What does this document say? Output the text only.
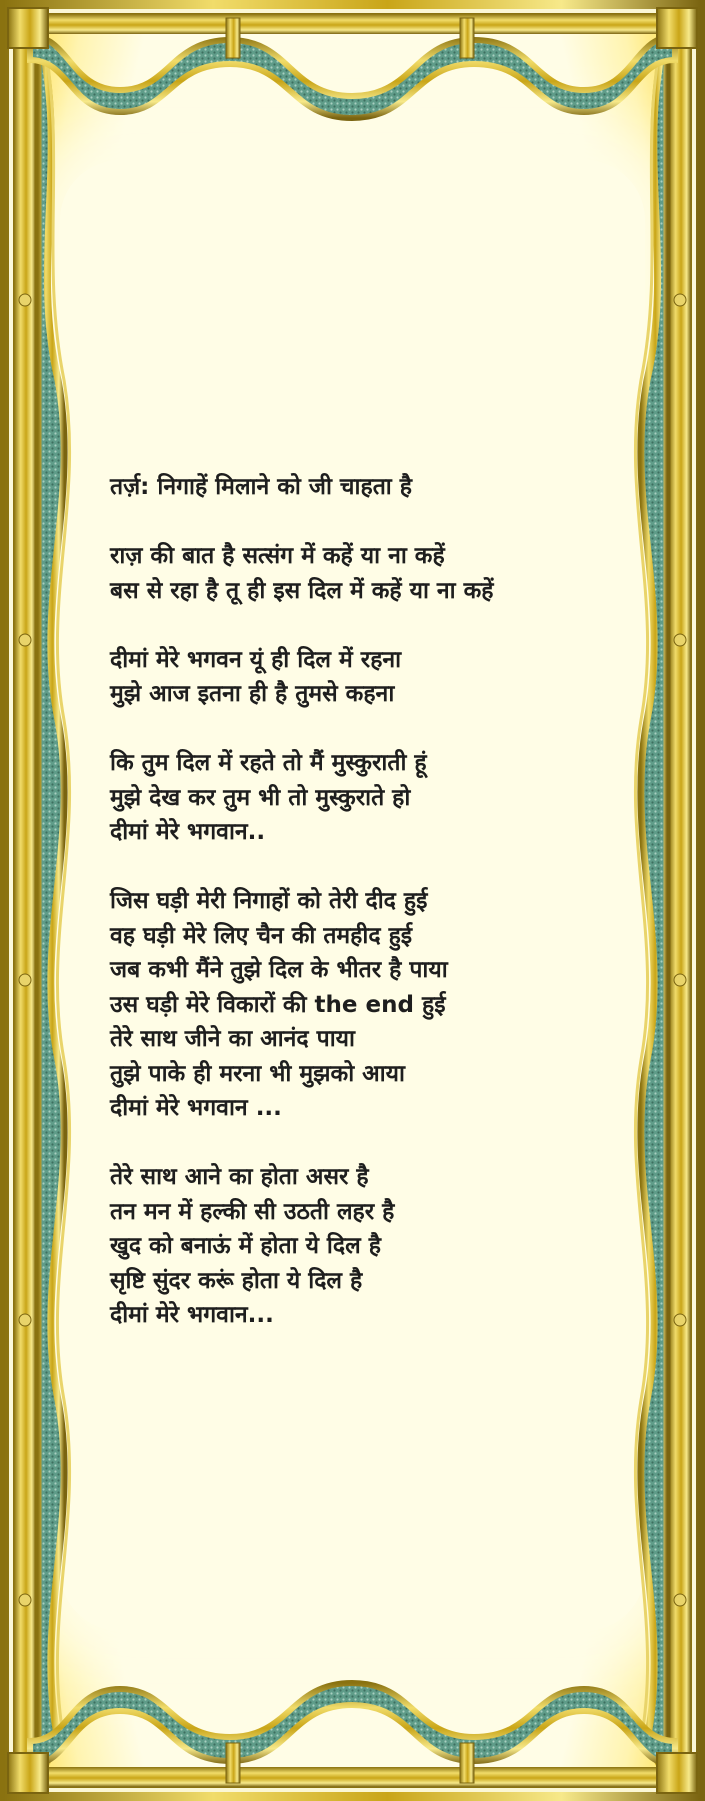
तर्ज़: निगाहें मिलाने को जी चाहता है
राज़ की बात है सत्संग में कहें या ना कहें
बस से रहा है तू ही इस दिल में कहें या ना कहें
दीमां मेरे भगवन यूं ही दिल में रहना
मुझे आज इतना ही है तुमसे कहना
कि तुम दिल में रहते तो मैं मुस्कुराती हूं
मुझे देख कर तुम भी तो मुस्कुराते हो
दीमां मेरे भगवान..
जिस घड़ी मेरी निगाहों को तेरी दीद हुई
वह घड़ी मेरे लिए चैन की तमहीद हुई
जब कभी मैंने तुझे दिल के भीतर है पाया
उस घड़ी मेरे विकारों की the end हुई
तेरे साथ जीने का आनंद पाया
तुझे पाके ही मरना भी मुझको आया
दीमां मेरे भगवान ...
तेरे साथ आने का होता असर है
तन मन में हल्की सी उठती लहर है
खुद को बनाऊं में होता ये दिल है
सृष्टि सुंदर करूं होता ये दिल है
दीमां मेरे भगवान...
